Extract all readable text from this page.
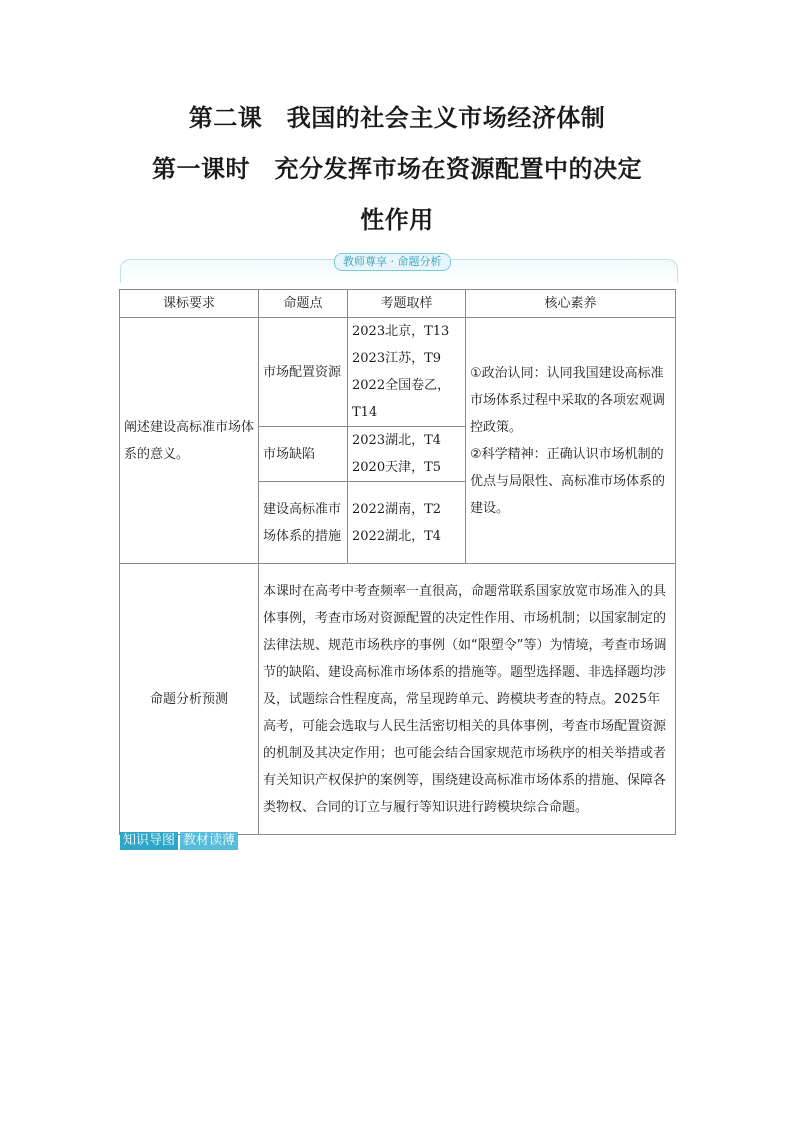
第二课　我国的社会主义市场经济体制
第一课时　充分发挥市场在资源配置中的决定
性作用
教师尊享 · 命题分析
课标要求	命题点	考题取样	核心素养
阐述建设高标准市场体系的意义。	市场配置资源	2023北京，T13
2023江苏，T9
2022全国卷乙，T14	①政治认同：认同我国建设高标准市场体系过程中采取的各项宏观调控政策。
②科学精神：正确认识市场机制的优点与局限性、高标准市场体系的建设。
	市场缺陷	2023湖北，T4
2020天津，T5	
	建设高标准市场体系的措施	2022湖南，T2
2022湖北，T4	
命题分析预测	本课时在高考中考查频率一直很高，命题常联系国家放宽市场准入的具体事例，考查市场对资源配置的决定性作用、市场机制；以国家制定的法律法规、规范市场秩序的事例（如“限塑令”等）为情境，考查市场调节的缺陷、建设高标准市场体系的措施等。题型选择题、非选择题均涉及，试题综合性程度高，常呈现跨单元、跨模块考查的特点。2025年高考，可能会选取与人民生活密切相关的具体事例，考查市场配置资源的机制及其决定作用；也可能会结合国家规范市场秩序的相关举措或者有关知识产权保护的案例等，围绕建设高标准市场体系的措施、保障各类物权、合同的订立与履行等知识进行跨模块综合命题。		
知识导图 教材读薄
